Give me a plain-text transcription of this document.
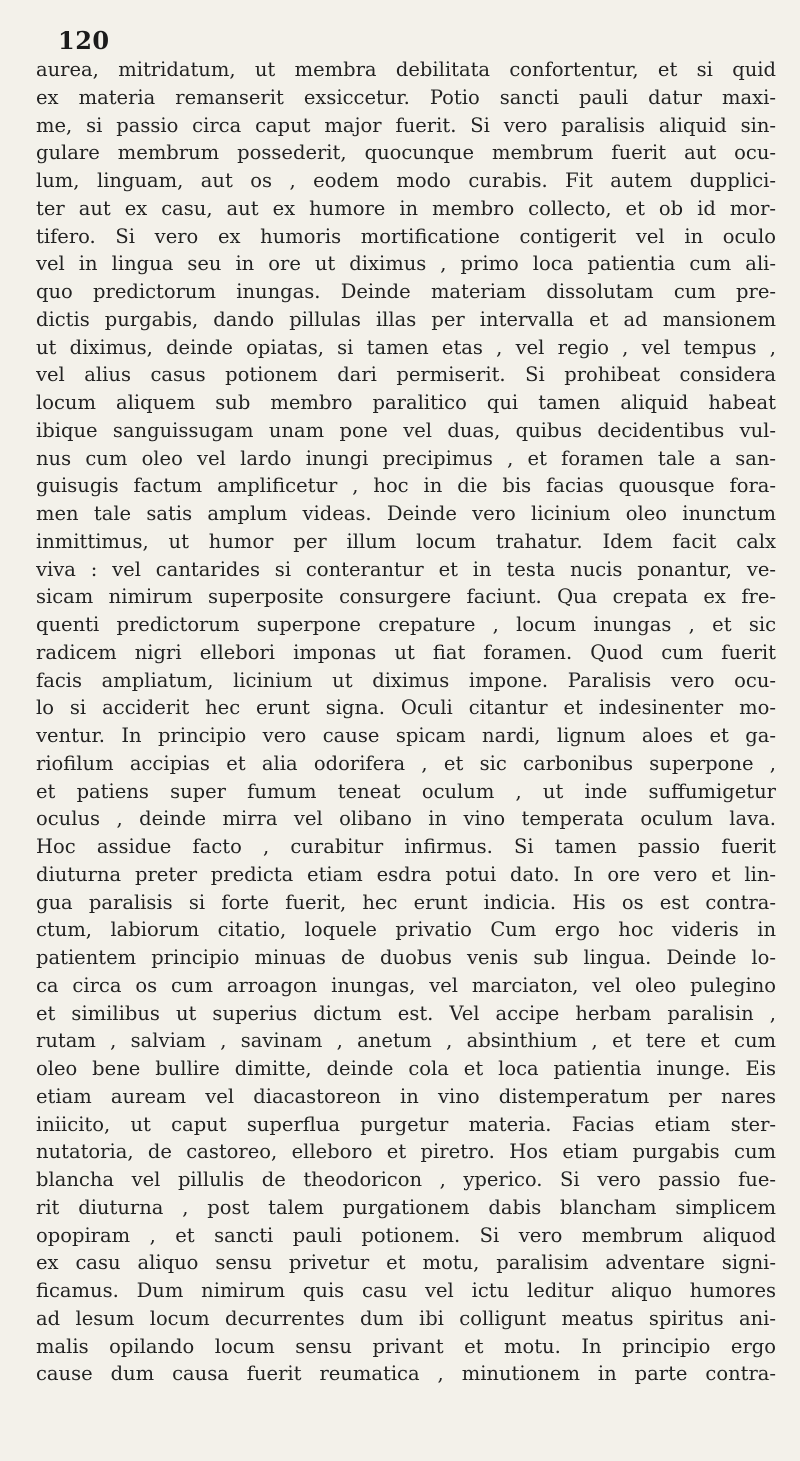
120
aurea, mitridatum, ut membra debilitata confortentur, et si quid
ex materia remanserit exsiccetur. Potio sancti pauli datur maxi-
me, si passio circa caput major fuerit. Si vero paralisis aliquid sin-
gulare membrum possederit, quocunque membrum fuerit aut ocu-
lum, linguam, aut os , eodem modo curabis. Fit autem dupplici-
ter aut ex casu, aut ex humore in membro collecto, et ob id mor-
tifero. Si vero ex humoris mortificatione contigerit vel in oculo
vel in lingua seu in ore ut diximus , primo loca patientia cum ali-
quo predictorum inungas. Deinde materiam dissolutam cum pre-
dictis purgabis, dando pillulas illas per intervalla et ad mansionem
ut diximus, deinde opiatas, si tamen etas , vel regio , vel tempus ,
vel alius casus potionem dari permiserit. Si prohibeat considera
locum aliquem sub membro paralitico qui tamen aliquid habeat
ibique sanguissugam unam pone vel duas, quibus decidentibus vul-
nus cum oleo vel lardo inungi precipimus , et foramen tale a san-
guisugis factum amplificetur , hoc in die bis facias quousque fora-
men tale satis amplum videas. Deinde vero licinium oleo inunctum
inmittimus, ut humor per illum locum trahatur. Idem facit calx
viva : vel cantarides si conterantur et in testa nucis ponantur, ve-
sicam nimirum superposite consurgere faciunt. Qua crepata ex fre-
quenti predictorum superpone crepature , locum inungas , et sic
radicem nigri ellebori imponas ut fiat foramen. Quod cum fuerit
facis ampliatum, licinium ut diximus impone. Paralisis vero ocu-
lo si acciderit hec erunt signa. Oculi citantur et indesinenter mo-
ventur. In principio vero cause spicam nardi, lignum aloes et ga-
riofilum accipias et alia odorifera , et sic carbonibus superpone ,
et patiens super fumum teneat oculum , ut inde suffumigetur
oculus , deinde mirra vel olibano in vino temperata oculum lava.
Hoc assidue facto , curabitur infirmus. Si tamen passio fuerit
diuturna preter predicta etiam esdra potui dato. In ore vero et lin-
gua paralisis si forte fuerit, hec erunt indicia. His os est contra-
ctum, labiorum citatio, loquele privatio Cum ergo hoc videris in
patientem principio minuas de duobus venis sub lingua. Deinde lo-
ca circa os cum arroagon inungas, vel marciaton, vel oleo pulegino
et similibus ut superius dictum est. Vel accipe herbam paralisin ,
rutam , salviam , savinam , anetum , absinthium , et tere et cum
oleo bene bullire dimitte, deinde cola et loca patientia inunge. Eis
etiam auream vel diacastoreon in vino distemperatum per nares
iniicito, ut caput superflua purgetur materia. Facias etiam ster-
nutatoria, de castoreo, elleboro et piretro. Hos etiam purgabis cum
blancha vel pillulis de theodoricon , yperico. Si vero passio fue-
rit diuturna , post talem purgationem dabis blancham simplicem
opopiram , et sancti pauli potionem. Si vero membrum aliquod
ex casu aliquo sensu privetur et motu, paralisim adventare signi-
ficamus. Dum nimirum quis casu vel ictu leditur aliquo humores
ad lesum locum decurrentes dum ibi colligunt meatus spiritus ani-
malis opilando locum sensu privant et motu. In principio ergo
cause dum causa fuerit reumatica , minutionem in parte contra-
